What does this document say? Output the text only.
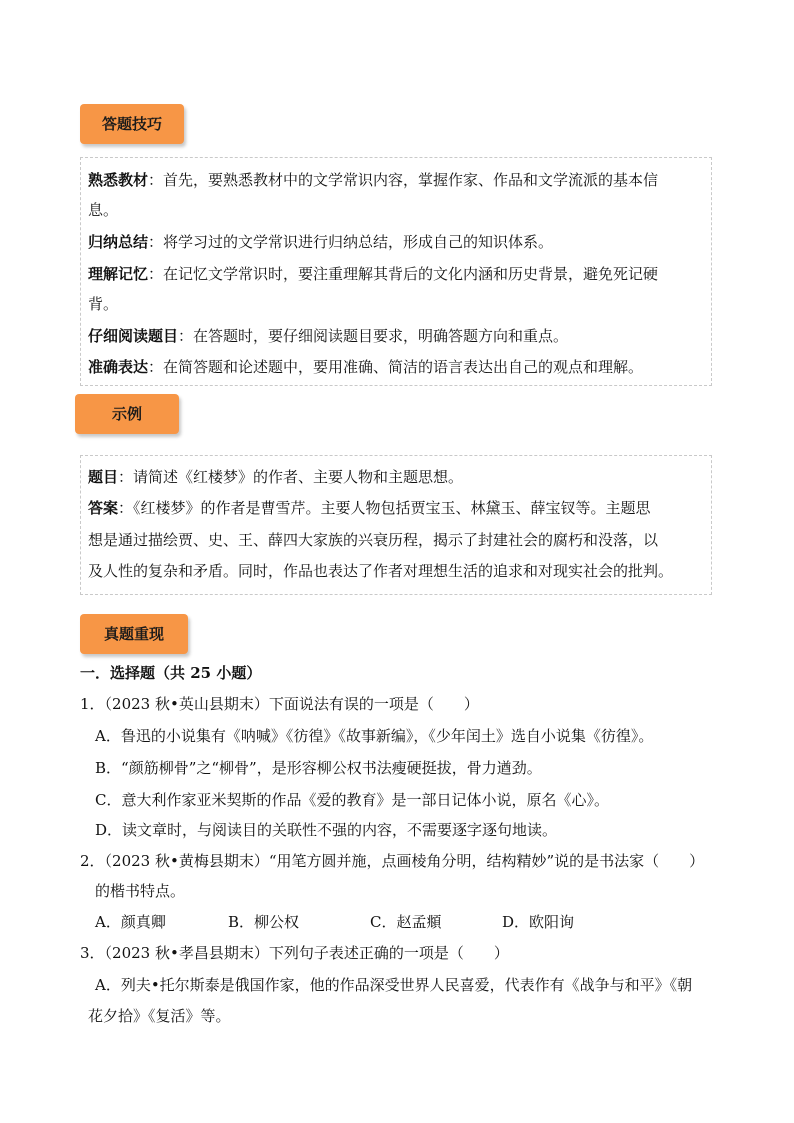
答题技巧
熟悉教材：首先，要熟悉教材中的文学常识内容，掌握作家、作品和文学流派的基本信
息。
归纳总结：将学习过的文学常识进行归纳总结，形成自己的知识体系。
理解记忆：在记忆文学常识时，要注重理解其背后的文化内涵和历史背景，避免死记硬
背。
仔细阅读题目：在答题时，要仔细阅读题目要求，明确答题方向和重点。
准确表达：在简答题和论述题中，要用准确、简洁的语言表达出自己的观点和理解。
示例
题目：请简述《红楼梦》的作者、主要人物和主题思想。
答案：《红楼梦》的作者是曹雪芹。主要人物包括贾宝玉、林黛玉、薛宝钗等。主题思
想是通过描绘贾、史、王、薛四大家族的兴衰历程，揭示了封建社会的腐朽和没落，以
及人性的复杂和矛盾。同时，作品也表达了作者对理想生活的追求和对现实社会的批判。
真题重现
一．选择题（共 25 小题）
1．（2023 秋•英山县期末）下面说法有误的一项是（　　）
A．鲁迅的小说集有《呐喊》《彷徨》《故事新编》，《少年闰土》选自小说集《彷徨》。
B．“颜筋柳骨”之“柳骨”，是形容柳公权书法瘦硬挺拔，骨力遒劲。
C．意大利作家亚米契斯的作品《爱的教育》是一部日记体小说，原名《心》。
D．读文章时，与阅读目的关联性不强的内容，不需要逐字逐句地读。
2．（2023 秋•黄梅县期末）“用笔方圆并施，点画棱角分明，结构精妙”说的是书法家（　　）
的楷书特点。
A．颜真卿	B．柳公权	C．赵孟頫	D．欧阳询
3．（2023 秋•孝昌县期末）下列句子表述正确的一项是（　　）
A．列夫•托尔斯泰是俄国作家，他的作品深受世界人民喜爱，代表作有《战争与和平》《朝
花夕拾》《复活》等。
